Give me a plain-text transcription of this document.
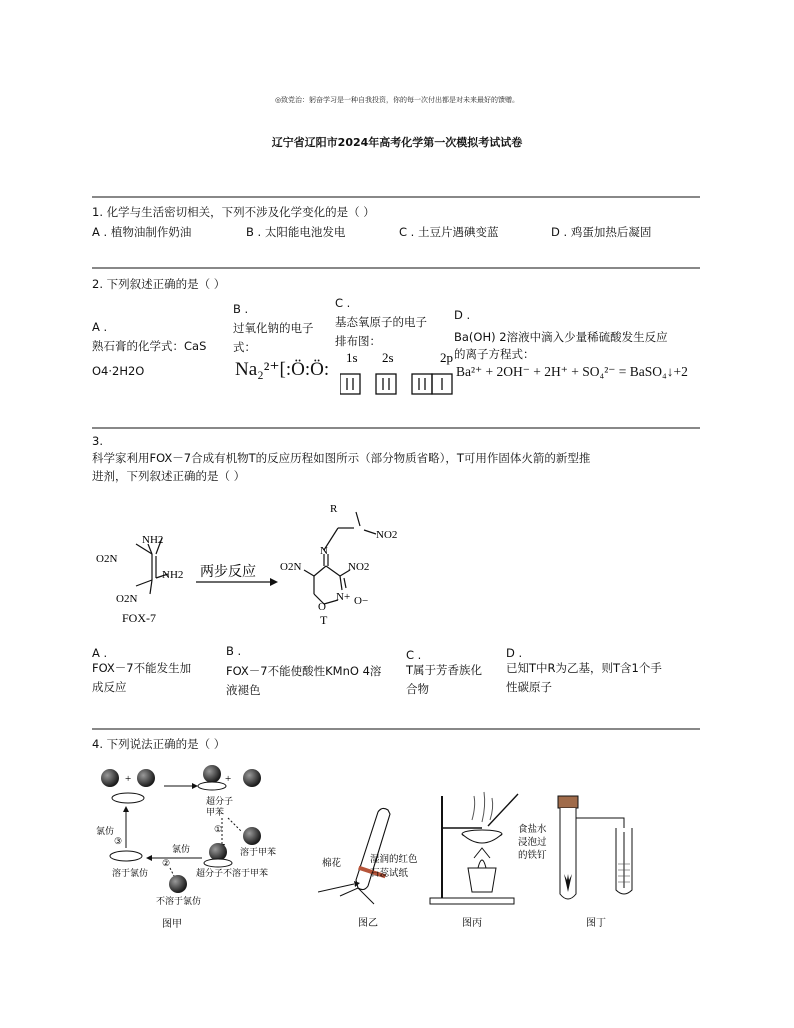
◎致党治：躬奋学习是一种自我投资，你的每一次付出都是对未来最好的馈赠。
辽宁省辽阳市2024年高考化学第一次模拟考试试卷
1. 化学与生活密切相关，下列不涉及化学变化的是（ ）
A . 植物油制作奶油	B . 太阳能电池发电	C . 土豆片遇碘变蓝	D . 鸡蛋加热后凝固
2. 下列叙述正确的是（ ）
A .
熟石膏的化学式：CaS
O4·2H2O
B .
过氧化钠的电子
式：
Na₂²⁺[:Ö:Ö:
C .
基态氧原子的电子
排布图：
1s 2s	2p
D .
Ba(OH) 2溶液中滴入少量稀硫酸发生反应
的离子方程式：
Ba²⁺ + 2OH⁻ + 2H⁺ + SO₄²⁻ = BaSO₄↓+2
3.
科学家利用FOX－7合成有机物T的反应历程如图所示（部分物质省略），T可用作固体火箭的新型推
进剂，下列叙述正确的是（ ）
NH2
O2N
NH2
O2N
FOX-7
两步反应
R
NO2
N
O2N	NO2
N+ O−
O
T
A .
FOX－7不能发生加
成反应
B .
FOX－7不能使酸性KMnO 4溶
液褪色
C .
T属于芳香族化
合物
D .
已知T中R为乙基，则T含1个手
性碳原子
4. 下列说法正确的是（ ）
+	+
超分子
甲苯
溶于甲苯
氯仿
③
氯仿
①
②
溶于氯仿	超分子不溶于甲苯
不溶于氯仿
图甲
棉花	湿润的红色
石蕊试纸
图乙	图丙
食盐水
浸泡过
的铁钉
图丁
